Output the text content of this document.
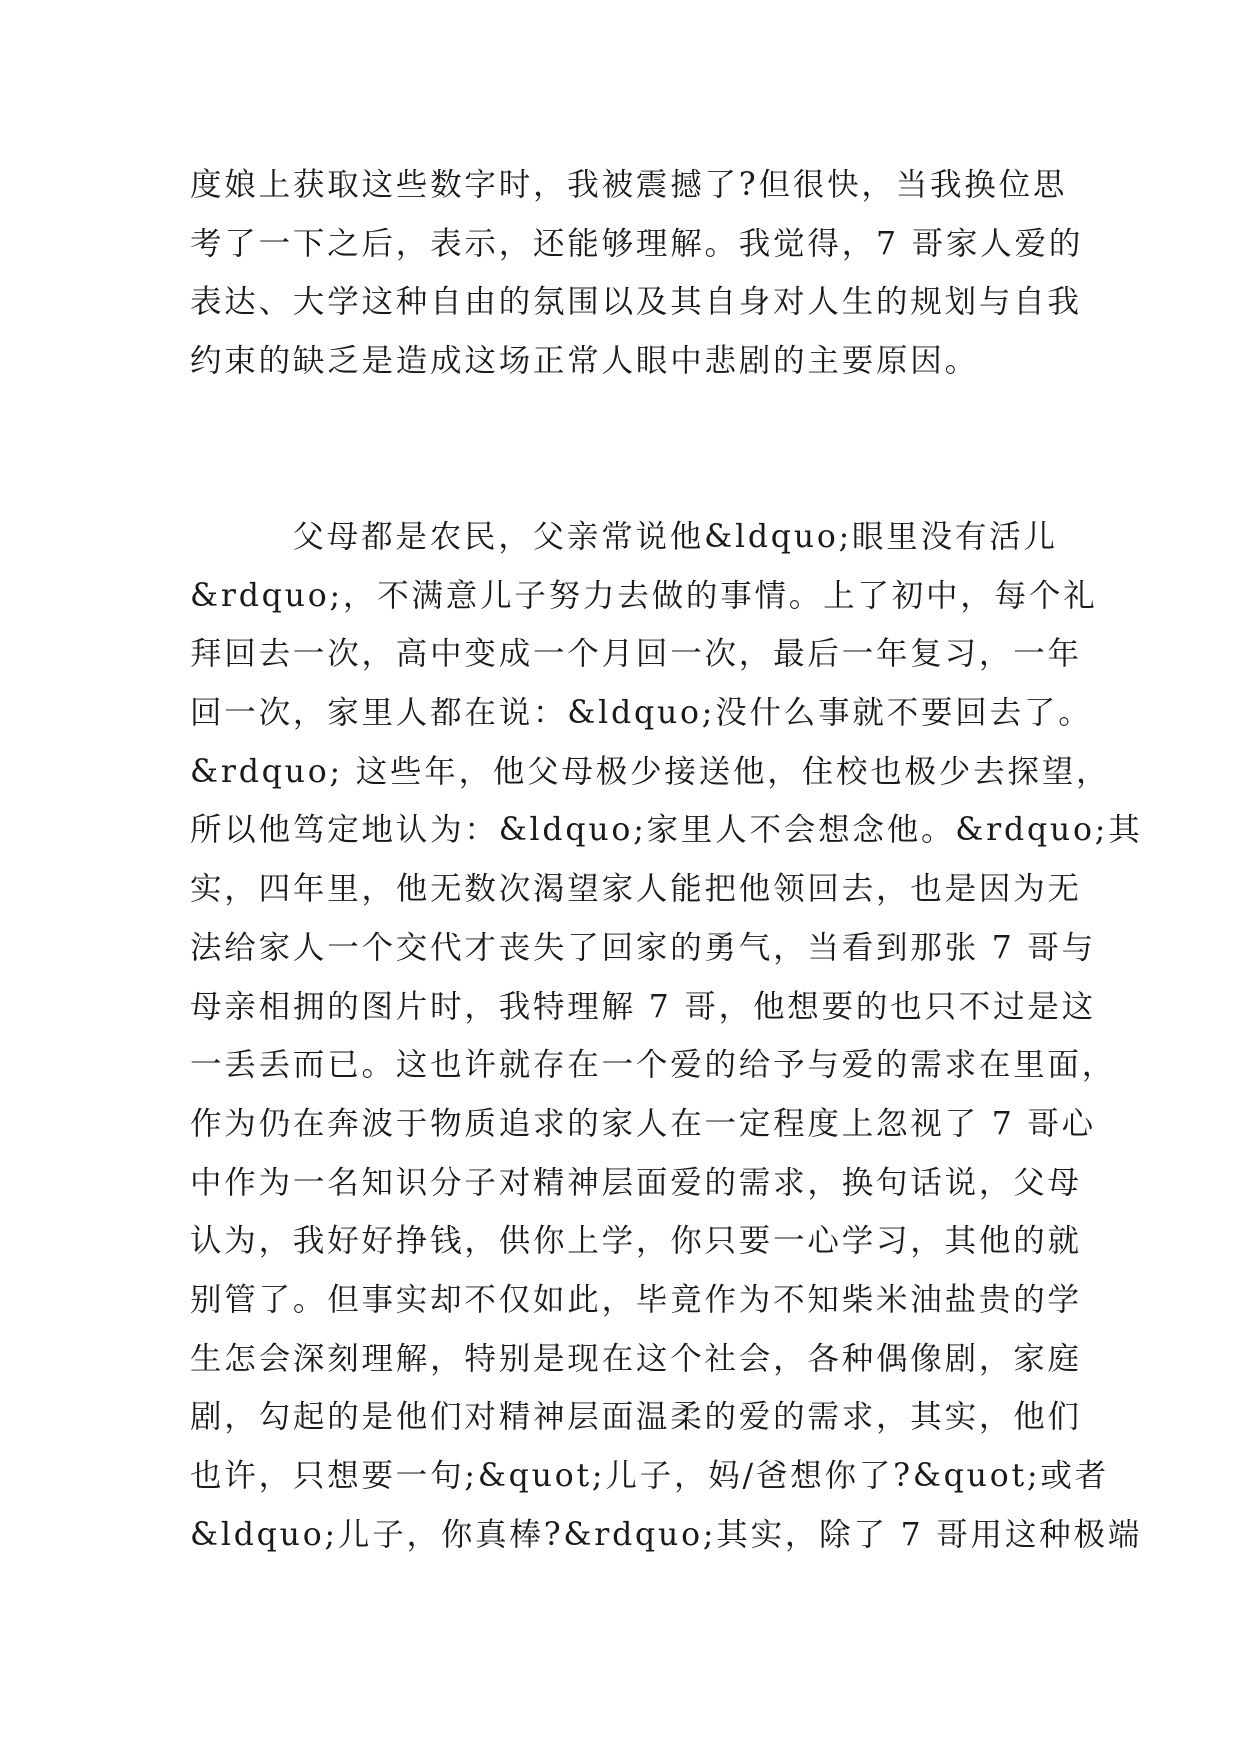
度娘上获取这些数字时，我被震撼了?但很快，当我换位思
考了一下之后，表示，还能够理解。我觉得，7 哥家人爱的
表达、大学这种自由的氛围以及其自身对人生的规划与自我
约束的缺乏是造成这场正常人眼中悲剧的主要原因。
父母都是农民，父亲常说他&ldquo;眼里没有活儿
&rdquo;，不满意儿子努力去做的事情。上了初中，每个礼
拜回去一次，高中变成一个月回一次，最后一年复习，一年
回一次，家里人都在说：&ldquo;没什么事就不要回去了。
&rdquo; 这些年，他父母极少接送他，住校也极少去探望，
所以他笃定地认为：&ldquo;家里人不会想念他。&rdquo;其
实，四年里，他无数次渴望家人能把他领回去，也是因为无
法给家人一个交代才丧失了回家的勇气，当看到那张 7 哥与
母亲相拥的图片时，我特理解 7 哥，他想要的也只不过是这
一丢丢而已。这也许就存在一个爱的给予与爱的需求在里面，
作为仍在奔波于物质追求的家人在一定程度上忽视了 7 哥心
中作为一名知识分子对精神层面爱的需求，换句话说，父母
认为，我好好挣钱，供你上学，你只要一心学习，其他的就
别管了。但事实却不仅如此，毕竟作为不知柴米油盐贵的学
生怎会深刻理解，特别是现在这个社会，各种偶像剧，家庭
剧，勾起的是他们对精神层面温柔的爱的需求，其实，他们
也许，只想要一句;&quot;儿子，妈/爸想你了?&quot;或者
&ldquo;儿子，你真棒?&rdquo;其实，除了 7 哥用这种极端
